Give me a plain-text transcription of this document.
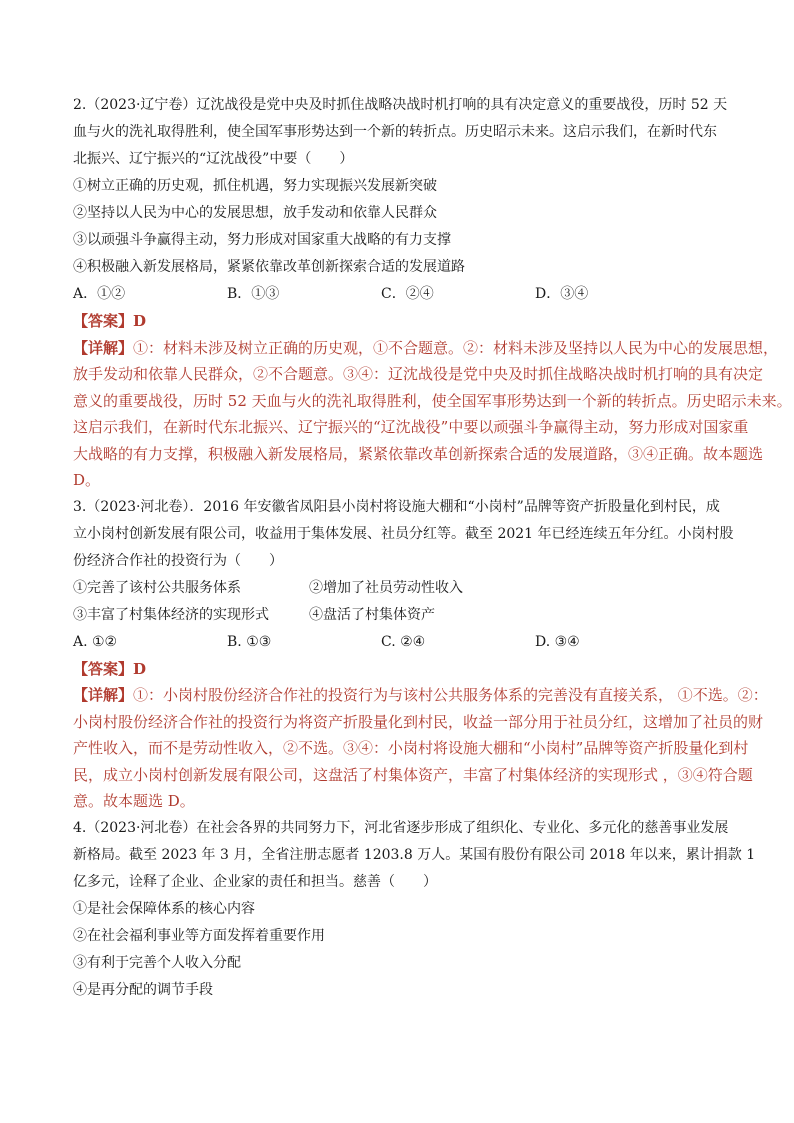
2.（2023·辽宁卷）辽沈战役是党中央及时抓住战略决战时机打响的具有决定意义的重要战役，历时 52 天
血与火的洗礼取得胜利，使全国军事形势达到一个新的转折点。历史昭示未来。这启示我们，在新时代东
北振兴、辽宁振兴的“辽沈战役”中要（　　）
①树立正确的历史观，抓住机遇，努力实现振兴发展新突破
②坚持以人民为中心的发展思想，放手发动和依靠人民群众
③以顽强斗争赢得主动，努力形成对国家重大战略的有力支撑
④积极融入新发展格局，紧紧依靠改革创新探索合适的发展道路
A．①②	B．①③	C．②④	D．③④
【答案】D
【详解】①：材料未涉及树立正确的历史观，①不合题意。②：材料未涉及坚持以人民为中心的发展思想，
放手发动和依靠人民群众，②不合题意。③④：辽沈战役是党中央及时抓住战略决战时机打响的具有决定
意义的重要战役，历时 52 天血与火的洗礼取得胜利，使全国军事形势达到一个新的转折点。历史昭示未来。
这启示我们，在新时代东北振兴、辽宁振兴的“辽沈战役”中要以顽强斗争赢得主动，努力形成对国家重
大战略的有力支撑，积极融入新发展格局，紧紧依靠改革创新探索合适的发展道路，③④正确。故本题选
D。
3.（2023·河北卷）．2016 年安徽省凤阳县小岗村将设施大棚和“小岗村”品牌等资产折股量化到村民，成
立小岗村创新发展有限公司，收益用于集体发展、社员分红等。截至 2021 年已经连续五年分红。小岗村股
份经济合作社的投资行为（　　）
①完善了该村公共服务体系	②增加了社员劳动性收入
③丰富了村集体经济的实现形式	④盘活了村集体资产
A. ①②	B. ①③	C. ②④	D. ③④
【答案】D
【详解】①：小岗村股份经济合作社的投资行为与该村公共服务体系的完善没有直接关系， ①不选。②：
小岗村股份经济合作社的投资行为将资产折股量化到村民，收益一部分用于社员分红，这增加了社员的财
产性收入，而不是劳动性收入，②不选。③④：小岗村将设施大棚和“小岗村”品牌等资产折股量化到村
民，成立小岗村创新发展有限公司，这盘活了村集体资产，丰富了村集体经济的实现形式 ，③④符合题
意。故本题选 D。
4.（2023·河北卷）在社会各界的共同努力下，河北省逐步形成了组织化、专业化、多元化的慈善事业发展
新格局。截至 2023 年 3 月，全省注册志愿者 1203.8 万人。某国有股份有限公司 2018 年以来，累计捐款 1
亿多元，诠释了企业、企业家的责任和担当。慈善（　　）
①是社会保障体系的核心内容
②在社会福利事业等方面发挥着重要作用
③有利于完善个人收入分配
④是再分配的调节手段
